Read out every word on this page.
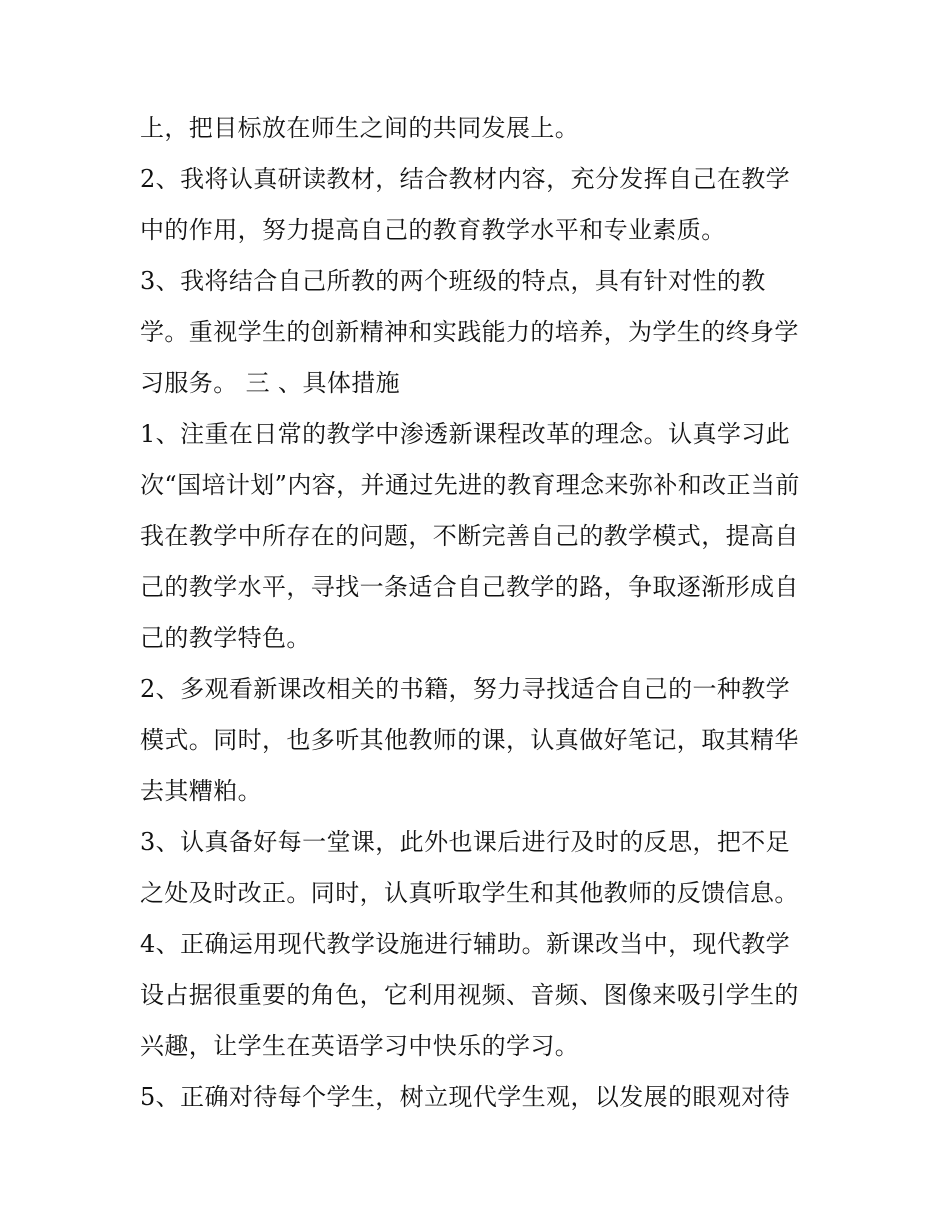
上，把目标放在师生之间的共同发展上。
2、我将认真研读教材，结合教材内容，充分发挥自己在教学
中的作用，努力提高自己的教育教学水平和专业素质。
3、我将结合自己所教的两个班级的特点，具有针对性的教
学。重视学生的创新精神和实践能力的培养，为学生的终身学
习服务。 三 、具体措施
1、注重在日常的教学中渗透新课程改革的理念。认真学习此
次“国培计划”内容，并通过先进的教育理念来弥补和改正当前
我在教学中所存在的问题，不断完善自己的教学模式，提高自
己的教学水平，寻找一条适合自己教学的路，争取逐渐形成自
己的教学特色。
2、多观看新课改相关的书籍，努力寻找适合自己的一种教学
模式。同时，也多听其他教师的课，认真做好笔记，取其精华
去其糟粕。
3、认真备好每一堂课，此外也课后进行及时的反思，把不足
之处及时改正。同时，认真听取学生和其他教师的反馈信息。
4、正确运用现代教学设施进行辅助。新课改当中，现代教学
设占据很重要的角色，它利用视频、音频、图像来吸引学生的
兴趣，让学生在英语学习中快乐的学习。
5、正确对待每个学生，树立现代学生观，以发展的眼观对待
